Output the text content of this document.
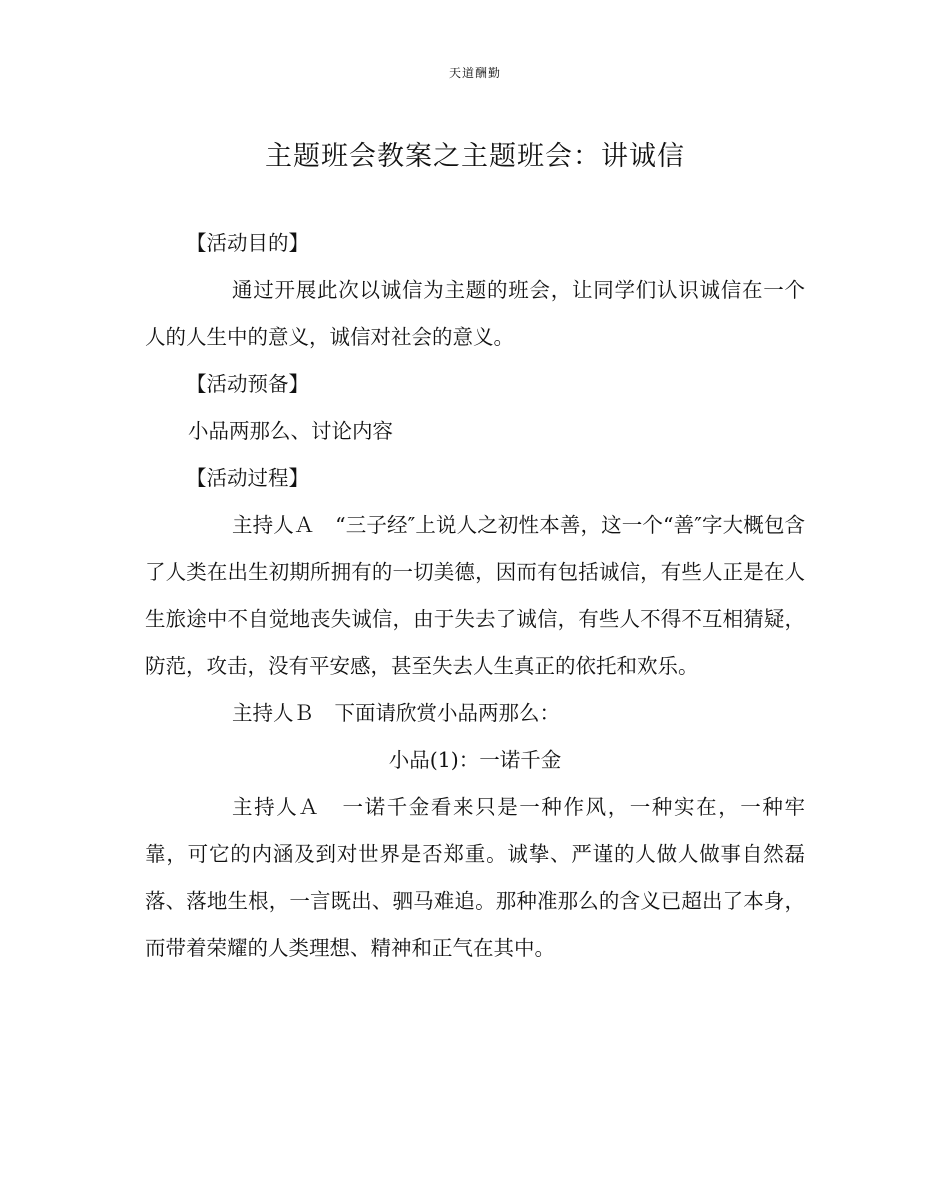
天道酬勤
主题班会教案之主题班会：讲诚信

【活动目的】

通过开展此次以诚信为主题的班会，让同学们认识诚信在一个人的人生中的意义，诚信对社会的意义。

【活动预备】

小品两那么、讨论内容

【活动过程】

主持人Ａ　“三子经″上说人之初性本善，这一个“善″字大概包含了人类在出生初期所拥有的一切美德，因而有包括诚信，有些人正是在人生旅途中不自觉地丧失诚信，由于失去了诚信，有些人不得不互相猜疑，防范，攻击，没有平安感，甚至失去人生真正的依托和欢乐。

主持人Ｂ　下面请欣赏小品两那么：

小品(1)：一诺千金

主持人Ａ　一诺千金看来只是一种作风，一种实在，一种牢靠，可它的内涵及到对世界是否郑重。诚挚、严谨的人做人做事自然磊落、落地生根，一言既出、驷马难追。那种准那么的含义已超出了本身，而带着荣耀的人类理想、精神和正气在其中。
